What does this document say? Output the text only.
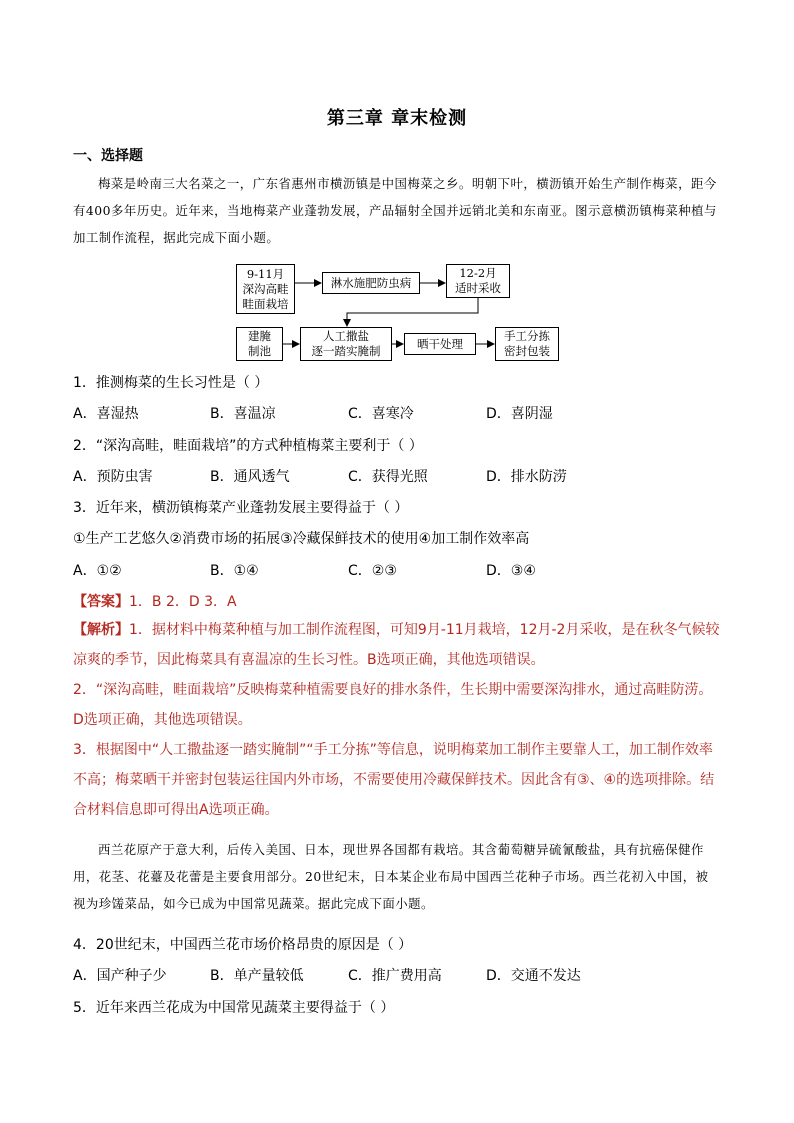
第三章 章末检测
一、选择题
梅菜是岭南三大名菜之一，广东省惠州市横沥镇是中国梅菜之乡。明朝下叶，横沥镇开始生产制作梅菜，距今有400多年历史。近年来，当地梅菜产业蓬勃发展，产品辐射全国并远销北美和东南亚。图示意横沥镇梅菜种植与加工制作流程，据此完成下面小题。
9-11月
深沟高畦
畦面栽培
淋水施肥防虫病
12-2月
适时采收
建腌
制池
人工撒盐
逐一踏实腌制
晒干处理
手工分拣
密封包装
1．推测梅菜的生长习性是（ ）
A．喜湿热	B．喜温凉	C．喜寒冷	D．喜阴湿
2．“深沟高畦，畦面栽培”的方式种植梅菜主要利于（ ）
A．预防虫害	B．通风透气	C．获得光照	D．排水防涝
3．近年来，横沥镇梅菜产业蓬勃发展主要得益于（ ）
①生产工艺悠久②消费市场的拓展③冷藏保鲜技术的使用④加工制作效率高
A．①②	B．①④	C．②③	D．③④
【答案】1．B 2．D 3．A
【解析】1．据材料中梅菜种植与加工制作流程图，可知9月-11月栽培，12月-2月采收，是在秋冬气候较凉爽的季节，因此梅菜具有喜温凉的生长习性。B选项正确，其他选项错误。
2．“深沟高畦，畦面栽培”反映梅菜种植需要良好的排水条件，生长期中需要深沟排水，通过高畦防涝。D选项正确，其他选项错误。
3．根据图中“人工撒盐逐一踏实腌制”“手工分拣”等信息，说明梅菜加工制作主要靠人工，加工制作效率不高；梅菜晒干并密封包装运往国内外市场，不需要使用冷藏保鲜技术。因此含有③、④的选项排除。结合材料信息即可得出A选项正确。
西兰花原产于意大利，后传入美国、日本，现世界各国都有栽培。其含葡萄糖异硫氰酸盐，具有抗癌保健作用，花茎、花薹及花蕾是主要食用部分。20世纪末，日本某企业布局中国西兰花种子市场。西兰花初入中国，被视为珍馐菜品，如今已成为中国常见蔬菜。据此完成下面小题。
4．20世纪末，中国西兰花市场价格昂贵的原因是（ ）
A．国产种子少	B．单产量较低	C．推广费用高	D．交通不发达
5．近年来西兰花成为中国常见蔬菜主要得益于（ ）
